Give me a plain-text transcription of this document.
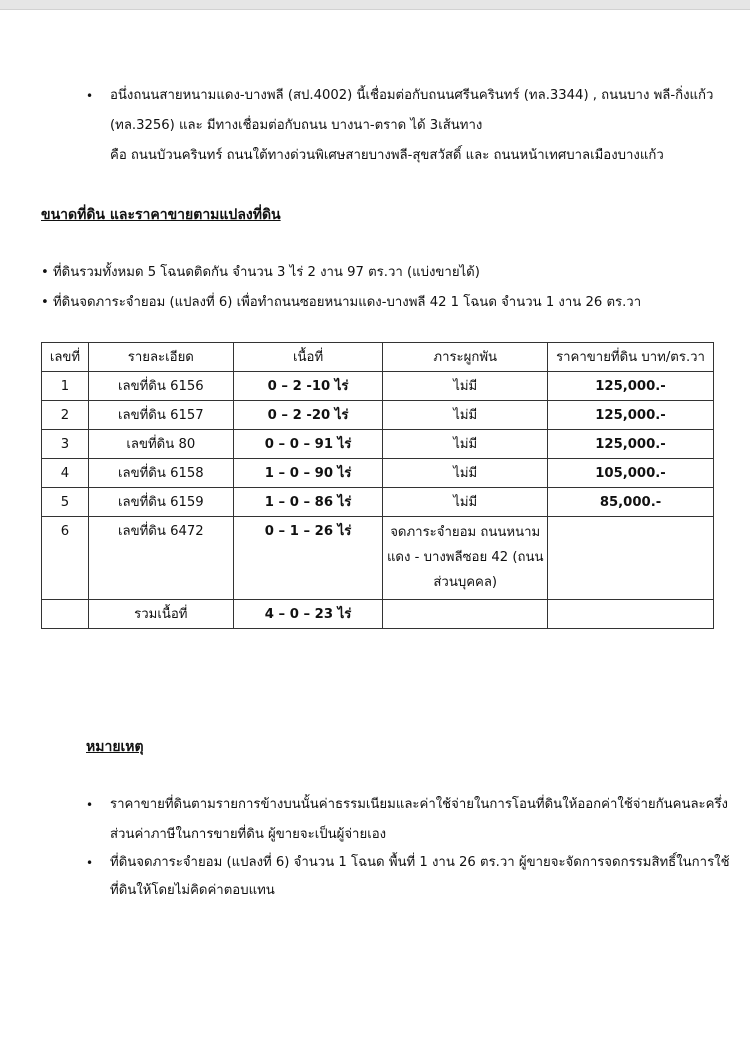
• อนึ่งถนนสายหนามแดง-บางพลี (สป.4002) นี้เชื่อมต่อกับถนนศรีนครินทร์ (ทล.3344) , ถนนบาง พลี-กิ่งแก้ว
(ทล.3256) และ มีทางเชื่อมต่อกับถนน บางนา-ตราด ได้ 3เส้นทาง
คือ ถนนบัวนครินทร์ ถนนใต้ทางด่วนพิเศษสายบางพลี-สุขสวัสดิ์ และ ถนนหน้าเทศบาลเมืองบางแก้ว
ขนาดที่ดิน และราคาขายตามแปลงที่ดิน
• ที่ดินรวมทั้งหมด 5 โฉนดติดกัน จำนวน 3 ไร่ 2 งาน 97 ตร.วา (แบ่งขายได้)
• ที่ดินจดภาระจำยอม (แปลงที่ 6) เพื่อทำถนนซอยหนามแดง-บางพลี 42 1 โฉนด จำนวน 1 งาน 26 ตร.วา
เลขที่	รายละเอียด	เนื้อที่	ภาระผูกพัน	ราคาขายที่ดิน บาท/ตร.วา
1	เลขที่ดิน 6156	0 – 2 -10 ไร่	ไม่มี	125,000.-
2	เลขที่ดิน 6157	0 – 2 -20 ไร่	ไม่มี	125,000.-
3	เลขที่ดิน 80	0 – 0 – 91 ไร่	ไม่มี	125,000.-
4	เลขที่ดิน 6158	1 – 0 – 90 ไร่	ไม่มี	105,000.-
5	เลขที่ดิน 6159	1 – 0 – 86 ไร่	ไม่มี	85,000.-
6	เลขที่ดิน 6472	0 – 1 – 26 ไร่	จดภาระจำยอม ถนนหนามแดง - บางพลีซอย 42 (ถนนส่วนบุคคล)	
	รวมเนื้อที่	4 – 0 – 23 ไร่		
หมายเหตุ
• ราคาขายที่ดินตามรายการข้างบนนั้นค่าธรรมเนียมและค่าใช้จ่ายในการโอนที่ดินให้ออกค่าใช้จ่ายกันคนละครึ่ง
ส่วนค่าภาษีในการขายที่ดิน ผู้ขายจะเป็นผู้จ่ายเอง
• ที่ดินจดภาระจำยอม (แปลงที่ 6) จำนวน 1 โฉนด พื้นที่ 1 งาน 26 ตร.วา ผู้ขายจะจัดการจดกรรมสิทธิ์ในการใช้
ที่ดินให้โดยไม่คิดค่าตอบแทน
